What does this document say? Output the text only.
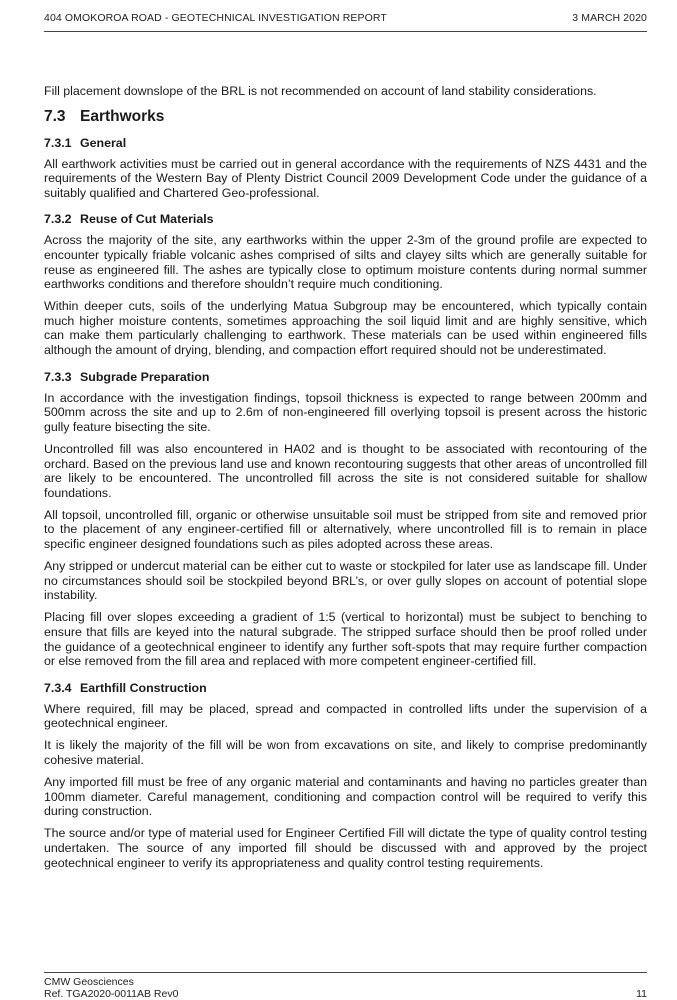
404 OMOKOROA ROAD - GEOTECHNICAL INVESTIGATION REPORT	3 MARCH 2020

Fill placement downslope of the BRL is not recommended on account of land stability considerations.

7.3 Earthworks
7.3.1 General

All earthwork activities must be carried out in general accordance with the requirements of NZS 4431 and the requirements of the Western Bay of Plenty District Council 2009 Development Code under the guidance of a suitably qualified and Chartered Geo-professional.

7.3.2 Reuse of Cut Materials

Across the majority of the site, any earthworks within the upper 2-3m of the ground profile are expected to encounter typically friable volcanic ashes comprised of silts and clayey silts which are generally suitable for reuse as engineered fill. The ashes are typically close to optimum moisture contents during normal summer earthworks conditions and therefore shouldn’t require much conditioning.

Within deeper cuts, soils of the underlying Matua Subgroup may be encountered, which typically contain much higher moisture contents, sometimes approaching the soil liquid limit and are highly sensitive, which can make them particularly challenging to earthwork. These materials can be used within engineered fills although the amount of drying, blending, and compaction effort required should not be underestimated.

7.3.3 Subgrade Preparation

In accordance with the investigation findings, topsoil thickness is expected to range between 200mm and 500mm across the site and up to 2.6m of non-engineered fill overlying topsoil is present across the historic gully feature bisecting the site.

Uncontrolled fill was also encountered in HA02 and is thought to be associated with recontouring of the orchard. Based on the previous land use and known recontouring suggests that other areas of uncontrolled fill are likely to be encountered. The uncontrolled fill across the site is not considered suitable for shallow foundations.

All topsoil, uncontrolled fill, organic or otherwise unsuitable soil must be stripped from site and removed prior to the placement of any engineer-certified fill or alternatively, where uncontrolled fill is to remain in place specific engineer designed foundations such as piles adopted across these areas.

Any stripped or undercut material can be either cut to waste or stockpiled for later use as landscape fill. Under no circumstances should soil be stockpiled beyond BRL’s, or over gully slopes on account of potential slope instability.

Placing fill over slopes exceeding a gradient of 1:5 (vertical to horizontal) must be subject to benching to ensure that fills are keyed into the natural subgrade. The stripped surface should then be proof rolled under the guidance of a geotechnical engineer to identify any further soft-spots that may require further compaction or else removed from the fill area and replaced with more competent engineer-certified fill.

7.3.4 Earthfill Construction

Where required, fill may be placed, spread and compacted in controlled lifts under the supervision of a geotechnical engineer.

It is likely the majority of the fill will be won from excavations on site, and likely to comprise predominantly cohesive material.

Any imported fill must be free of any organic material and contaminants and having no particles greater than 100mm diameter. Careful management, conditioning and compaction control will be required to verify this during construction.

The source and/or type of material used for Engineer Certified Fill will dictate the type of quality control testing undertaken. The source of any imported fill should be discussed with and approved by the project geotechnical engineer to verify its appropriateness and quality control testing requirements.

CMW Geosciences
Ref. TGA2020-0011AB Rev0	11
